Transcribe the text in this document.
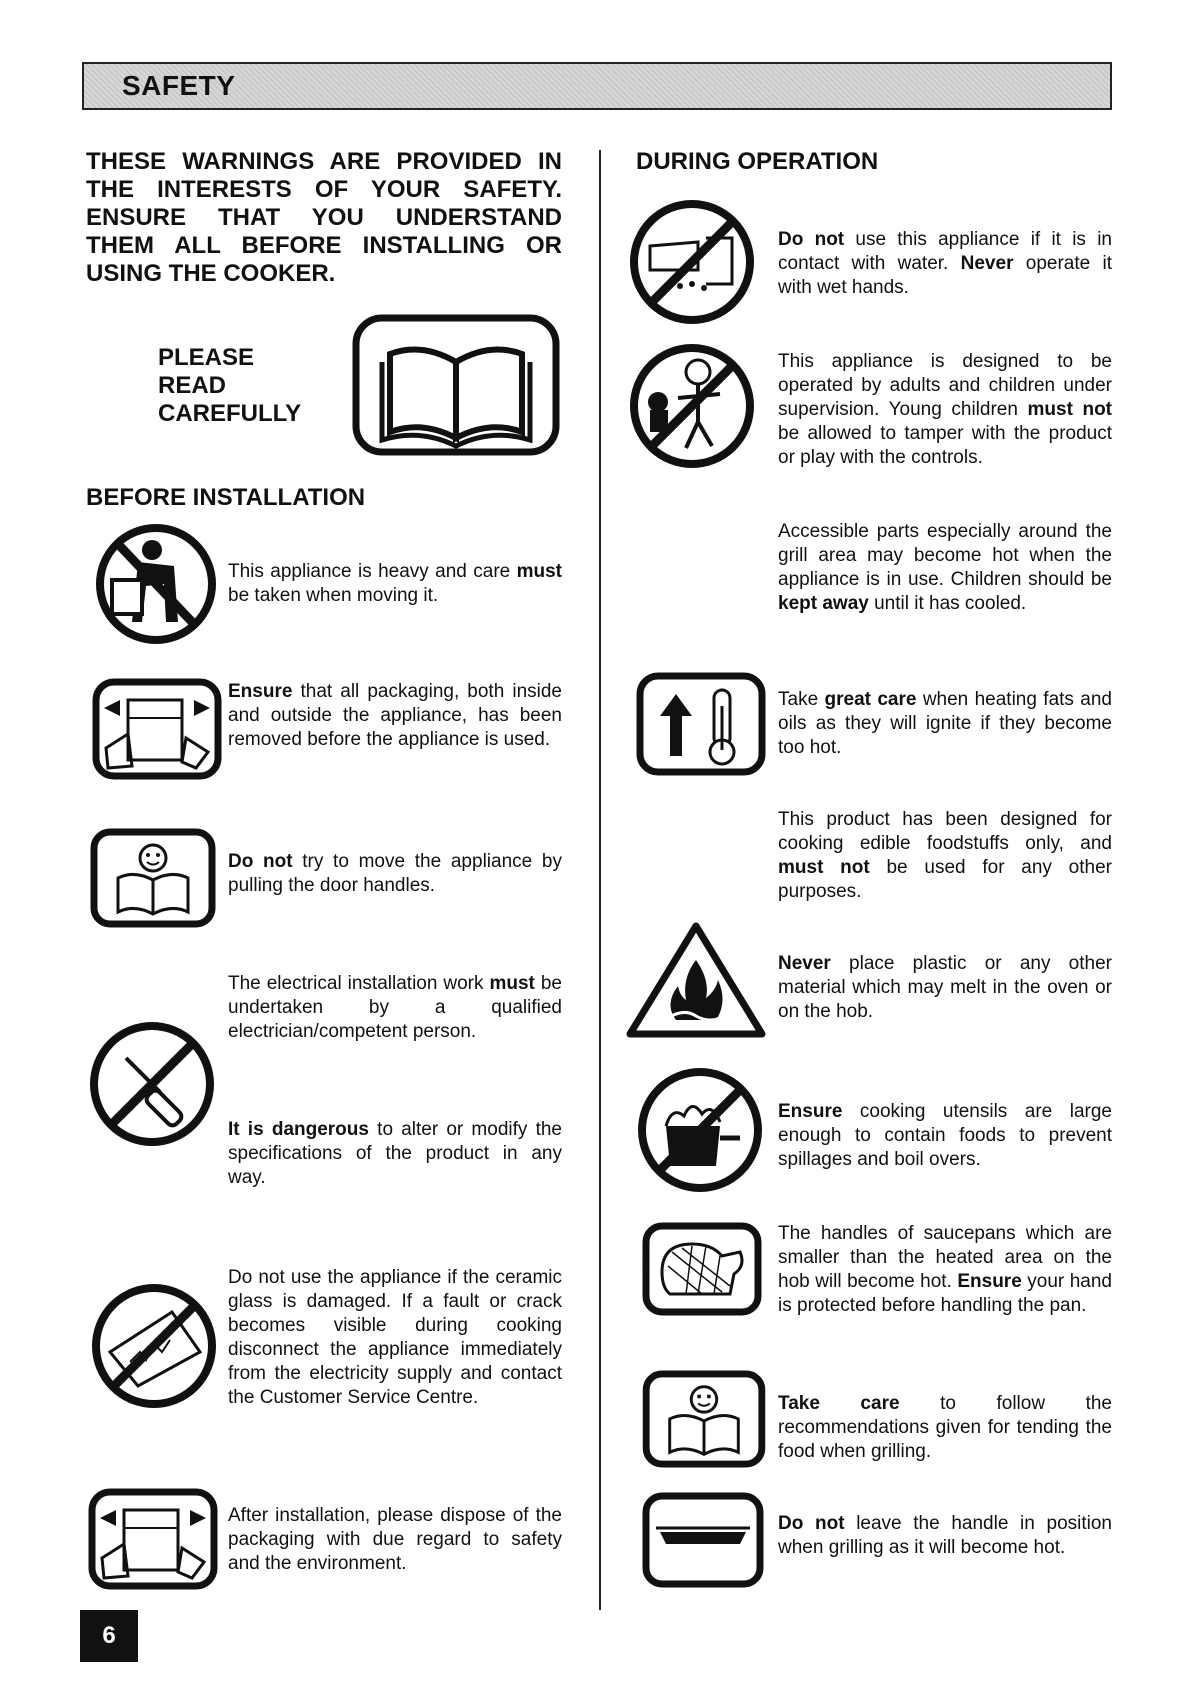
SAFETY
THESE WARNINGS ARE PROVIDED IN
THE INTERESTS OF YOUR SAFETY.
ENSURE THAT YOU UNDERSTAND
THEM ALL BEFORE INSTALLING OR
USING THE COOKER.
PLEASE
READ
CAREFULLY
BEFORE INSTALLATION
This appliance is heavy and care must be taken when moving it.
Ensure that all packaging, both inside and outside the appliance, has been removed before the appliance is used.
Do not try to move the appliance by pulling the door handles.
The electrical installation work must be undertaken by a qualified electrician/competent person.
It is dangerous to alter or modify the specifications of the product in any way.
Do not use the appliance if the ceramic glass is damaged. If a fault or crack becomes visible during cooking disconnect the appliance immediately from the electricity supply and contact the Customer Service Centre.
After installation, please dispose of the packaging with due regard to safety and the environment.
DURING OPERATION
Do not use this appliance if it is in contact with water. Never operate it with wet hands.
This appliance is designed to be operated by adults and children under supervision. Young children must not be allowed to tamper with the product or play with the controls.
Accessible parts especially around the grill area may become hot when the appliance is in use. Children should be kept away until it has cooled.
Take great care when heating fats and oils as they will ignite if they become too hot.
This product has been designed for cooking edible foodstuffs only, and must not be used for any other purposes.
Never place plastic or any other material which may melt in the oven or on the hob.
Ensure cooking utensils are large enough to contain foods to prevent spillages and boil overs.
The handles of saucepans which are smaller than the heated area on the hob will become hot. Ensure your hand is protected before handling the pan.
Take care to follow the recommendations given for tending the food when grilling.
Do not leave the handle in position when grilling as it will become hot.
6
